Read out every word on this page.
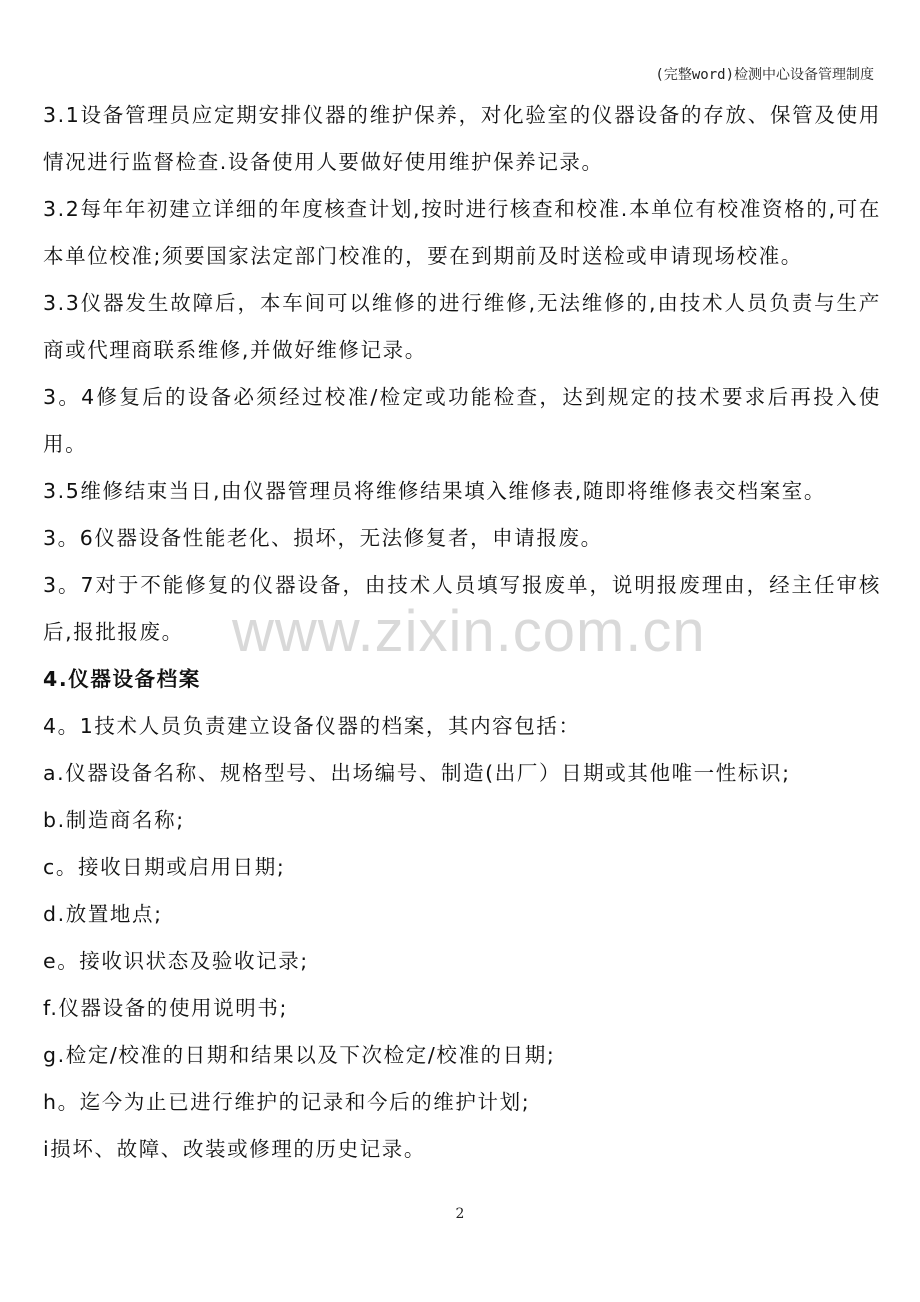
(完整word)检测中心设备管理制度
www.zixin.com.cn

3.1设备管理员应定期安排仪器的维护保养，对化验室的仪器设备的存放、保管及使用情况进行监督检查.设备使用人要做好使用维护保养记录。

3.2每年年初建立详细的年度核查计划,按时进行核查和校准.本单位有校准资格的,可在本单位校准;须要国家法定部门校准的，要在到期前及时送检或申请现场校准。

3.3仪器发生故障后，本车间可以维修的进行维修,无法维修的,由技术人员负责与生产商或代理商联系维修,并做好维修记录。

3。4修复后的设备必须经过校准/检定或功能检查，达到规定的技术要求后再投入使用。

3.5维修结束当日,由仪器管理员将维修结果填入维修表,随即将维修表交档案室。

3。6仪器设备性能老化、损坏，无法修复者，申请报废。

3。7对于不能修复的仪器设备，由技术人员填写报废单，说明报废理由，经主任审核后,报批报废。

4.仪器设备档案

4。1技术人员负责建立设备仪器的档案，其内容包括：

a.仪器设备名称、规格型号、出场编号、制造(出厂）日期或其他唯一性标识;

b.制造商名称;

c。接收日期或启用日期;

d.放置地点;

e。接收识状态及验收记录;

f.仪器设备的使用说明书;

g.检定/校准的日期和结果以及下次检定/校准的日期;

h。迄今为止已进行维护的记录和今后的维护计划;

i损坏、故障、改装或修理的历史记录。

2
